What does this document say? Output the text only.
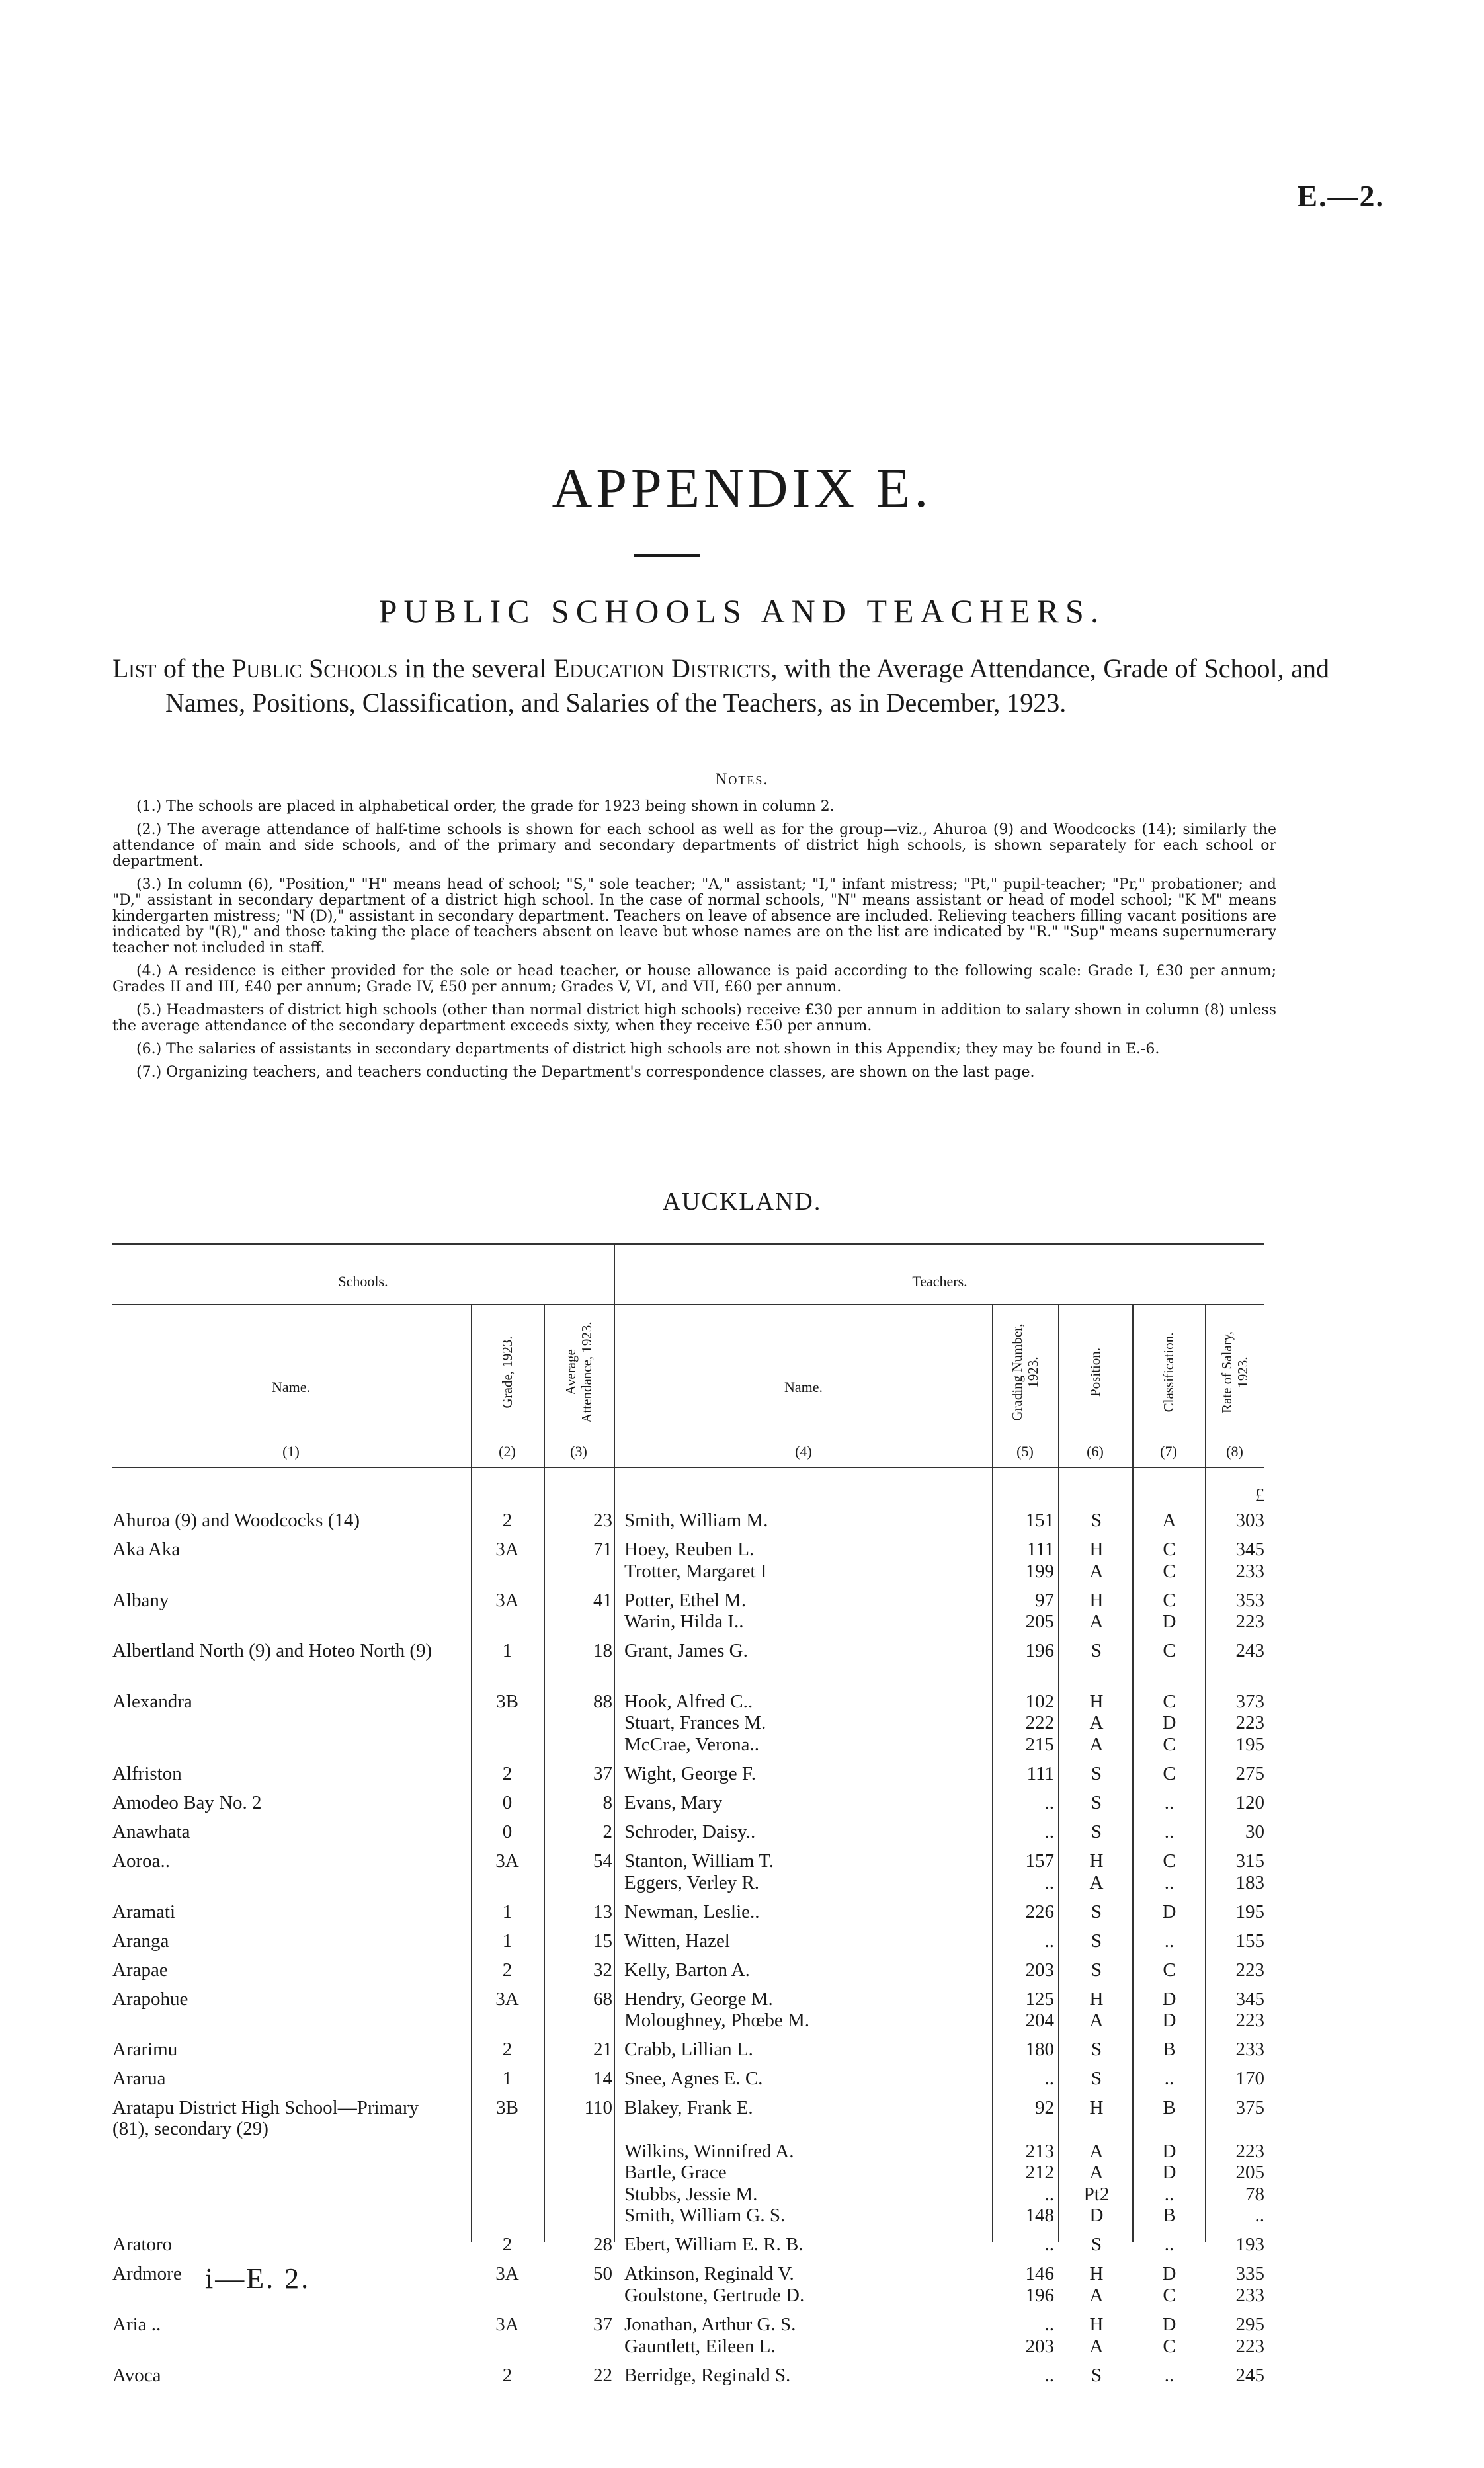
E.—2.
APPENDIX E.
PUBLIC SCHOOLS AND TEACHERS.
List of the Public Schools in the several Education Districts, with the Average Attendance, Grade of School, and Names, Positions, Classification, and Salaries of the Teachers, as in December, 1923.
Notes.

(1.) The schools are placed in alphabetical order, the grade for 1923 being shown in column 2.

(2.) The average attendance of half-time schools is shown for each school as well as for the group—viz., Ahuroa (9) and Woodcocks (14); similarly the attendance of main and side schools, and of the primary and secondary departments of district high schools, is shown separately for each school or department.

(3.) In column (6), "Position," "H" means head of school; "S," sole teacher; "A," assistant; "I," infant mistress; "Pt," pupil-teacher; "Pr," probationer; and "D," assistant in secondary department of a district high school. In the case of normal schools, "N" means assistant or head of model school; "K M" means kindergarten mistress; "N (D)," assistant in secondary department. Teachers on leave of absence are included. Relieving teachers filling vacant positions are indicated by "(R)," and those taking the place of teachers absent on leave but whose names are on the list are indicated by "R." "Sup" means supernumerary teacher not included in staff.

(4.) A residence is either provided for the sole or head teacher, or house allowance is paid according to the following scale: Grade I, £30 per annum; Grades II and III, £40 per annum; Grade IV, £50 per annum; Grades V, VI, and VII, £60 per annum.

(5.) Headmasters of district high schools (other than normal district high schools) receive £30 per annum in addition to salary shown in column (8) unless the average attendance of the secondary department exceeds sixty, when they receive £50 per annum.

(6.) The salaries of assistants in secondary departments of district high schools are not shown in this Appendix; they may be found in E.-6.

(7.) Organizing teachers, and teachers conducting the Department's correspondence classes, are shown on the last page.

AUCKLAND.
Schools.	Teachers.
Name.	Grade, 1923.	Average Attendance, 1923.	Name.	Grading Number, 1923.	Position.	Classification.	Rate of Salary, 1923.
(1)	(2)	(3)	(4)	(5)	(6)	(7)	(8)
£
Ahuroa (9) and Woodcocks (14)	2	23 Smith, William M.	151	S	A	303
Aka Aka	3A	71 Hoey, Reuben L.	111	H	C	345
Trotter, Margaret I	199	A	C	233
Albany	3A	41 Potter, Ethel M.	97	H	C	353
Warin, Hilda I..	205	A	D	223
Albertland North (9) and Hoteo North (9)	1	18 Grant, James G.	196	S	C	243
Alexandra	3B	88 Hook, Alfred C..	102	H	C	373
Stuart, Frances M.	222	A	D	223
McCrae, Verona..	215	A	C	195
Alfriston	2	37 Wight, George F.	111	S	C	275
Amodeo Bay No. 2	0	8 Evans, Mary	..	S	..	120
Anawhata	0	2 Schroder, Daisy..	..	S	..	30
Aoroa..	3A	54 Stanton, William T.	157	H	C	315
Eggers, Verley R.	..	A	..	183
Aramati	1	13 Newman, Leslie..	226	S	D	195
Aranga	1	15 Witten, Hazel	..	S	..	155
Arapae	2	32 Kelly, Barton A.	203	S	C	223
Arapohue	3A	68 Hendry, George M.	125	H	D	345
Moloughney, Phœbe M.	204	A	D	223
Ararimu	2	21 Crabb, Lillian L.	180	S	B	233
Ararua	1	14 Snee, Agnes E. C.	..	S	..	170
Aratapu District High School—Primary (81), secondary (29)
3B	110 Blakey, Frank E.	92	H	B	375
Wilkins, Winnifred A.	213	A	D	223
Bartle, Grace	212	A	D	205
Stubbs, Jessie M.	..	Pt2	..	78
Smith, William G. S.	148	D	B	..
Aratoro	2	28 Ebert, William E. R. B.	..	S	..	193
Ardmore	3A	50 Atkinson, Reginald V.	146	H	D	335
Goulstone, Gertrude D.	196	A	C	233
Aria ..	3A	37 Jonathan, Arthur G. S.	..	H	D	295
Gauntlett, Eileen L.	203	A	C	223
Avoca	2	22 Berridge, Reginald S.	..	S	..	245
i—E. 2.
